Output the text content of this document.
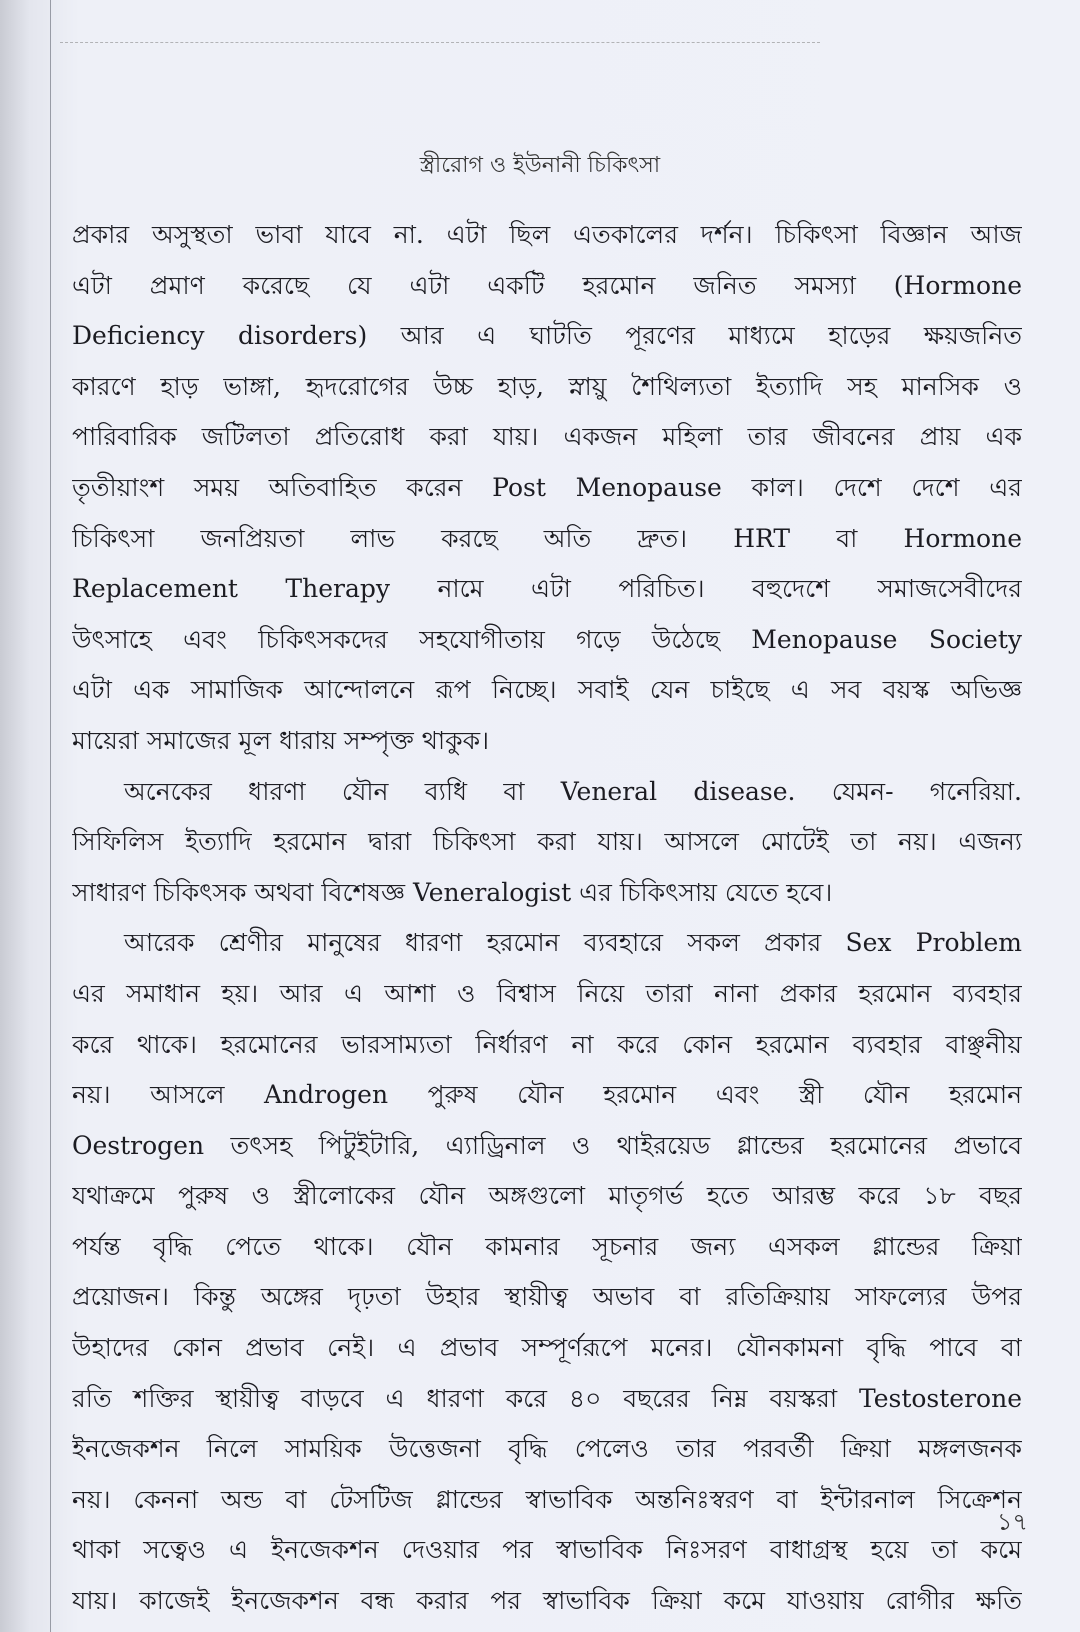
স্ত্রীরোগ ও ইউনানী চিকিৎসা
প্রকার অসুস্থতা ভাবা যাবে না. এটা ছিল এতকালের দর্শন। চিকিৎসা বিজ্ঞান আজ
এটা প্রমাণ করেছে যে এটা একটি হরমোন জনিত সমস্যা (Hormone
Deficiency disorders) আর এ ঘাটতি পূরণের মাধ্যমে হাড়ের ক্ষয়জনিত
কারণে হাড় ভাঙ্গা, হৃদরোগের উচ্চ হাড়, স্নায়ু শৈথিল্যতা ইত্যাদি সহ মানসিক ও
পারিবারিক জটিলতা প্রতিরোধ করা যায়। একজন মহিলা তার জীবনের প্রায় এক
তৃতীয়াংশ সময় অতিবাহিত করেন Post Menopause কাল। দেশে দেশে এর
চিকিৎসা জনপ্রিয়তা লাভ করছে অতি দ্রুত। HRT বা Hormone
Replacement Therapy নামে এটা পরিচিত। বহুদেশে সমাজসেবীদের
উৎসাহে এবং চিকিৎসকদের সহযোগীতায় গড়ে উঠেছে Menopause Society
এটা এক সামাজিক আন্দোলনে রূপ নিচ্ছে। সবাই যেন চাইছে এ সব বয়স্ক অভিজ্ঞ
মায়েরা সমাজের মূল ধারায় সম্পৃক্ত থাকুক।
অনেকের ধারণা যৌন ব্যধি বা Veneral disease. যেমন- গনেরিয়া.
সিফিলিস ইত্যাদি হরমোন দ্বারা চিকিৎসা করা যায়। আসলে মোটেই তা নয়। এজন্য
সাধারণ চিকিৎসক অথবা বিশেষজ্ঞ Veneralogist এর চিকিৎসায় যেতে হবে।
আরেক শ্রেণীর মানুষের ধারণা হরমোন ব্যবহারে সকল প্রকার Sex Problem
এর সমাধান হয়। আর এ আশা ও বিশ্বাস নিয়ে তারা নানা প্রকার হরমোন ব্যবহার
করে থাকে। হরমোনের ভারসাম্যতা নির্ধারণ না করে কোন হরমোন ব্যবহার বাঞ্ছনীয়
নয়। আসলে Androgen পুরুষ যৌন হরমোন এবং স্ত্রী যৌন হরমোন
Oestrogen তৎসহ পিটুইটারি, এ্যাড্রিনাল ও থাইরয়েড গ্লান্ডের হরমোনের প্রভাবে
যথাক্রমে পুরুষ ও স্ত্রীলোকের যৌন অঙ্গগুলো মাতৃগর্ভ হতে আরম্ভ করে ১৮ বছর
পর্যন্ত বৃদ্ধি পেতে থাকে। যৌন কামনার সূচনার জন্য এসকল গ্লান্ডের ক্রিয়া
প্রয়োজন। কিন্তু অঙ্গের দৃঢ়তা উহার স্থায়ীত্ব অভাব বা রতিক্রিয়ায় সাফল্যের উপর
উহাদের কোন প্রভাব নেই। এ প্রভাব সম্পূর্ণরূপে মনের। যৌনকামনা বৃদ্ধি পাবে বা
রতি শক্তির স্থায়ীত্ব বাড়বে এ ধারণা করে ৪০ বছরের নিম্ন বয়স্করা Testosterone
ইনজেকশন নিলে সাময়িক উত্তেজনা বৃদ্ধি পেলেও তার পরবর্তী ক্রিয়া মঙ্গলজনক
নয়। কেননা অন্ড বা টেসটিজ গ্লান্ডের স্বাভাবিক অন্তনিঃস্বরণ বা ইন্টারনাল সিক্রেশন
থাকা সত্বেও এ ইনজেকশন দেওয়ার পর স্বাভাবিক নিঃসরণ বাধাগ্রস্থ হয়ে তা কমে
যায়। কাজেই ইনজেকশন বন্ধ করার পর স্বাভাবিক ক্রিয়া কমে যাওয়ায় রোগীর ক্ষতি
১৭
